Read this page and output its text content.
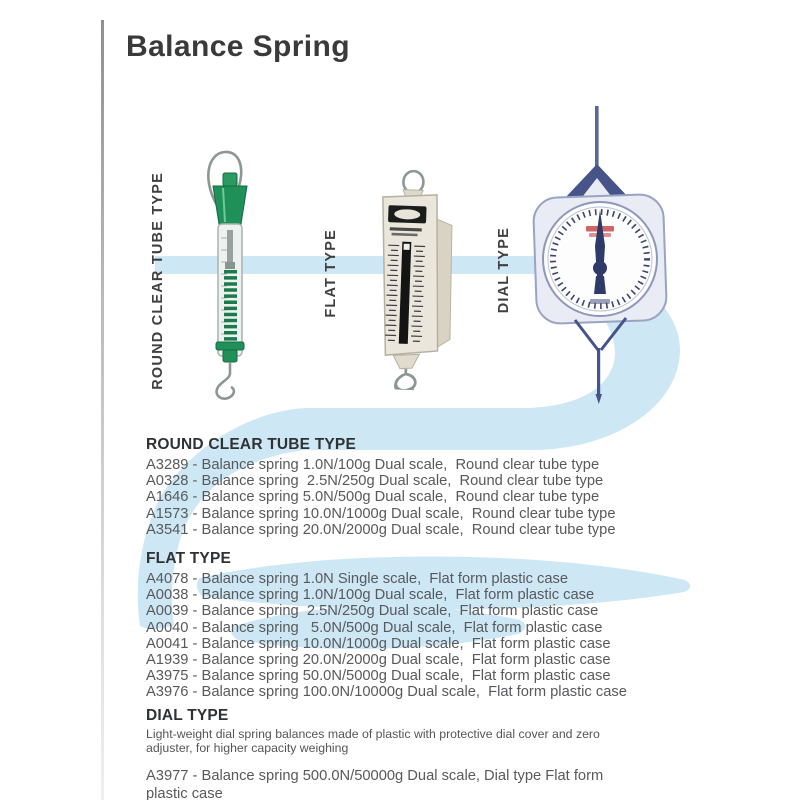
Balance Spring
ROUND CLEAR TUBE TYPE	FLAT TYPE	DIAL TYPE
ROUND CLEAR TUBE TYPE
A3289 - Balance spring 1.0N/100g Dual scale,  Round clear tube type
A0328 - Balance spring  2.5N/250g Dual scale,  Round clear tube type
A1646 - Balance spring 5.0N/500g Dual scale,  Round clear tube type
A1573 - Balance spring 10.0N/1000g Dual scale,  Round clear tube type
A3541 - Balance spring 20.0N/2000g Dual scale,  Round clear tube type
FLAT TYPE
A4078 - Balance spring 1.0N Single scale,  Flat form plastic case
A0038 - Balance spring 1.0N/100g Dual scale,  Flat form plastic case
A0039 - Balance spring  2.5N/250g Dual scale,  Flat form plastic case
A0040 - Balance spring   5.0N/500g Dual scale,  Flat form plastic case
A0041 - Balance spring 10.0N/1000g Dual scale,  Flat form plastic case
A1939 - Balance spring 20.0N/2000g Dual scale,  Flat form plastic case
A3975 - Balance spring 50.0N/5000g Dual scale,  Flat form plastic case
A3976 - Balance spring 100.0N/10000g Dual scale,  Flat form plastic case
DIAL TYPE
Light-weight dial spring balances made of plastic with protective dial cover and zero adjuster, for higher capacity weighing
A3977 - Balance spring 500.0N/50000g Dual scale, Dial type Flat form plastic case
